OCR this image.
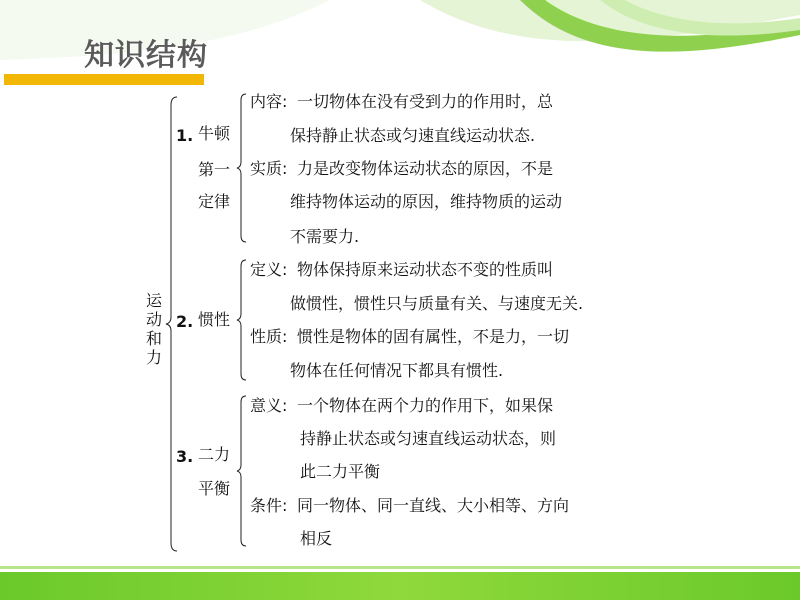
知识结构
运动和力
1. 牛顿
第一
定律
内容: 一切物体在没有受到力的作用时，总
保持静止状态或匀速直线运动状态.
实质: 力是改变物体运动状态的原因，不是
维持物体运动的原因，维持物质的运动
不需要力.
2. 惯性
定义: 物体保持原来运动状态不变的性质叫
做惯性，惯性只与质量有关、与速度无关.
性质: 惯性是物体的固有属性，不是力，一切
物体在任何情况下都具有惯性.
3. 二力
平衡
意义: 一个物体在两个力的作用下，如果保
持静止状态或匀速直线运动状态，则
此二力平衡
条件: 同一物体、同一直线、大小相等、方向
相反
